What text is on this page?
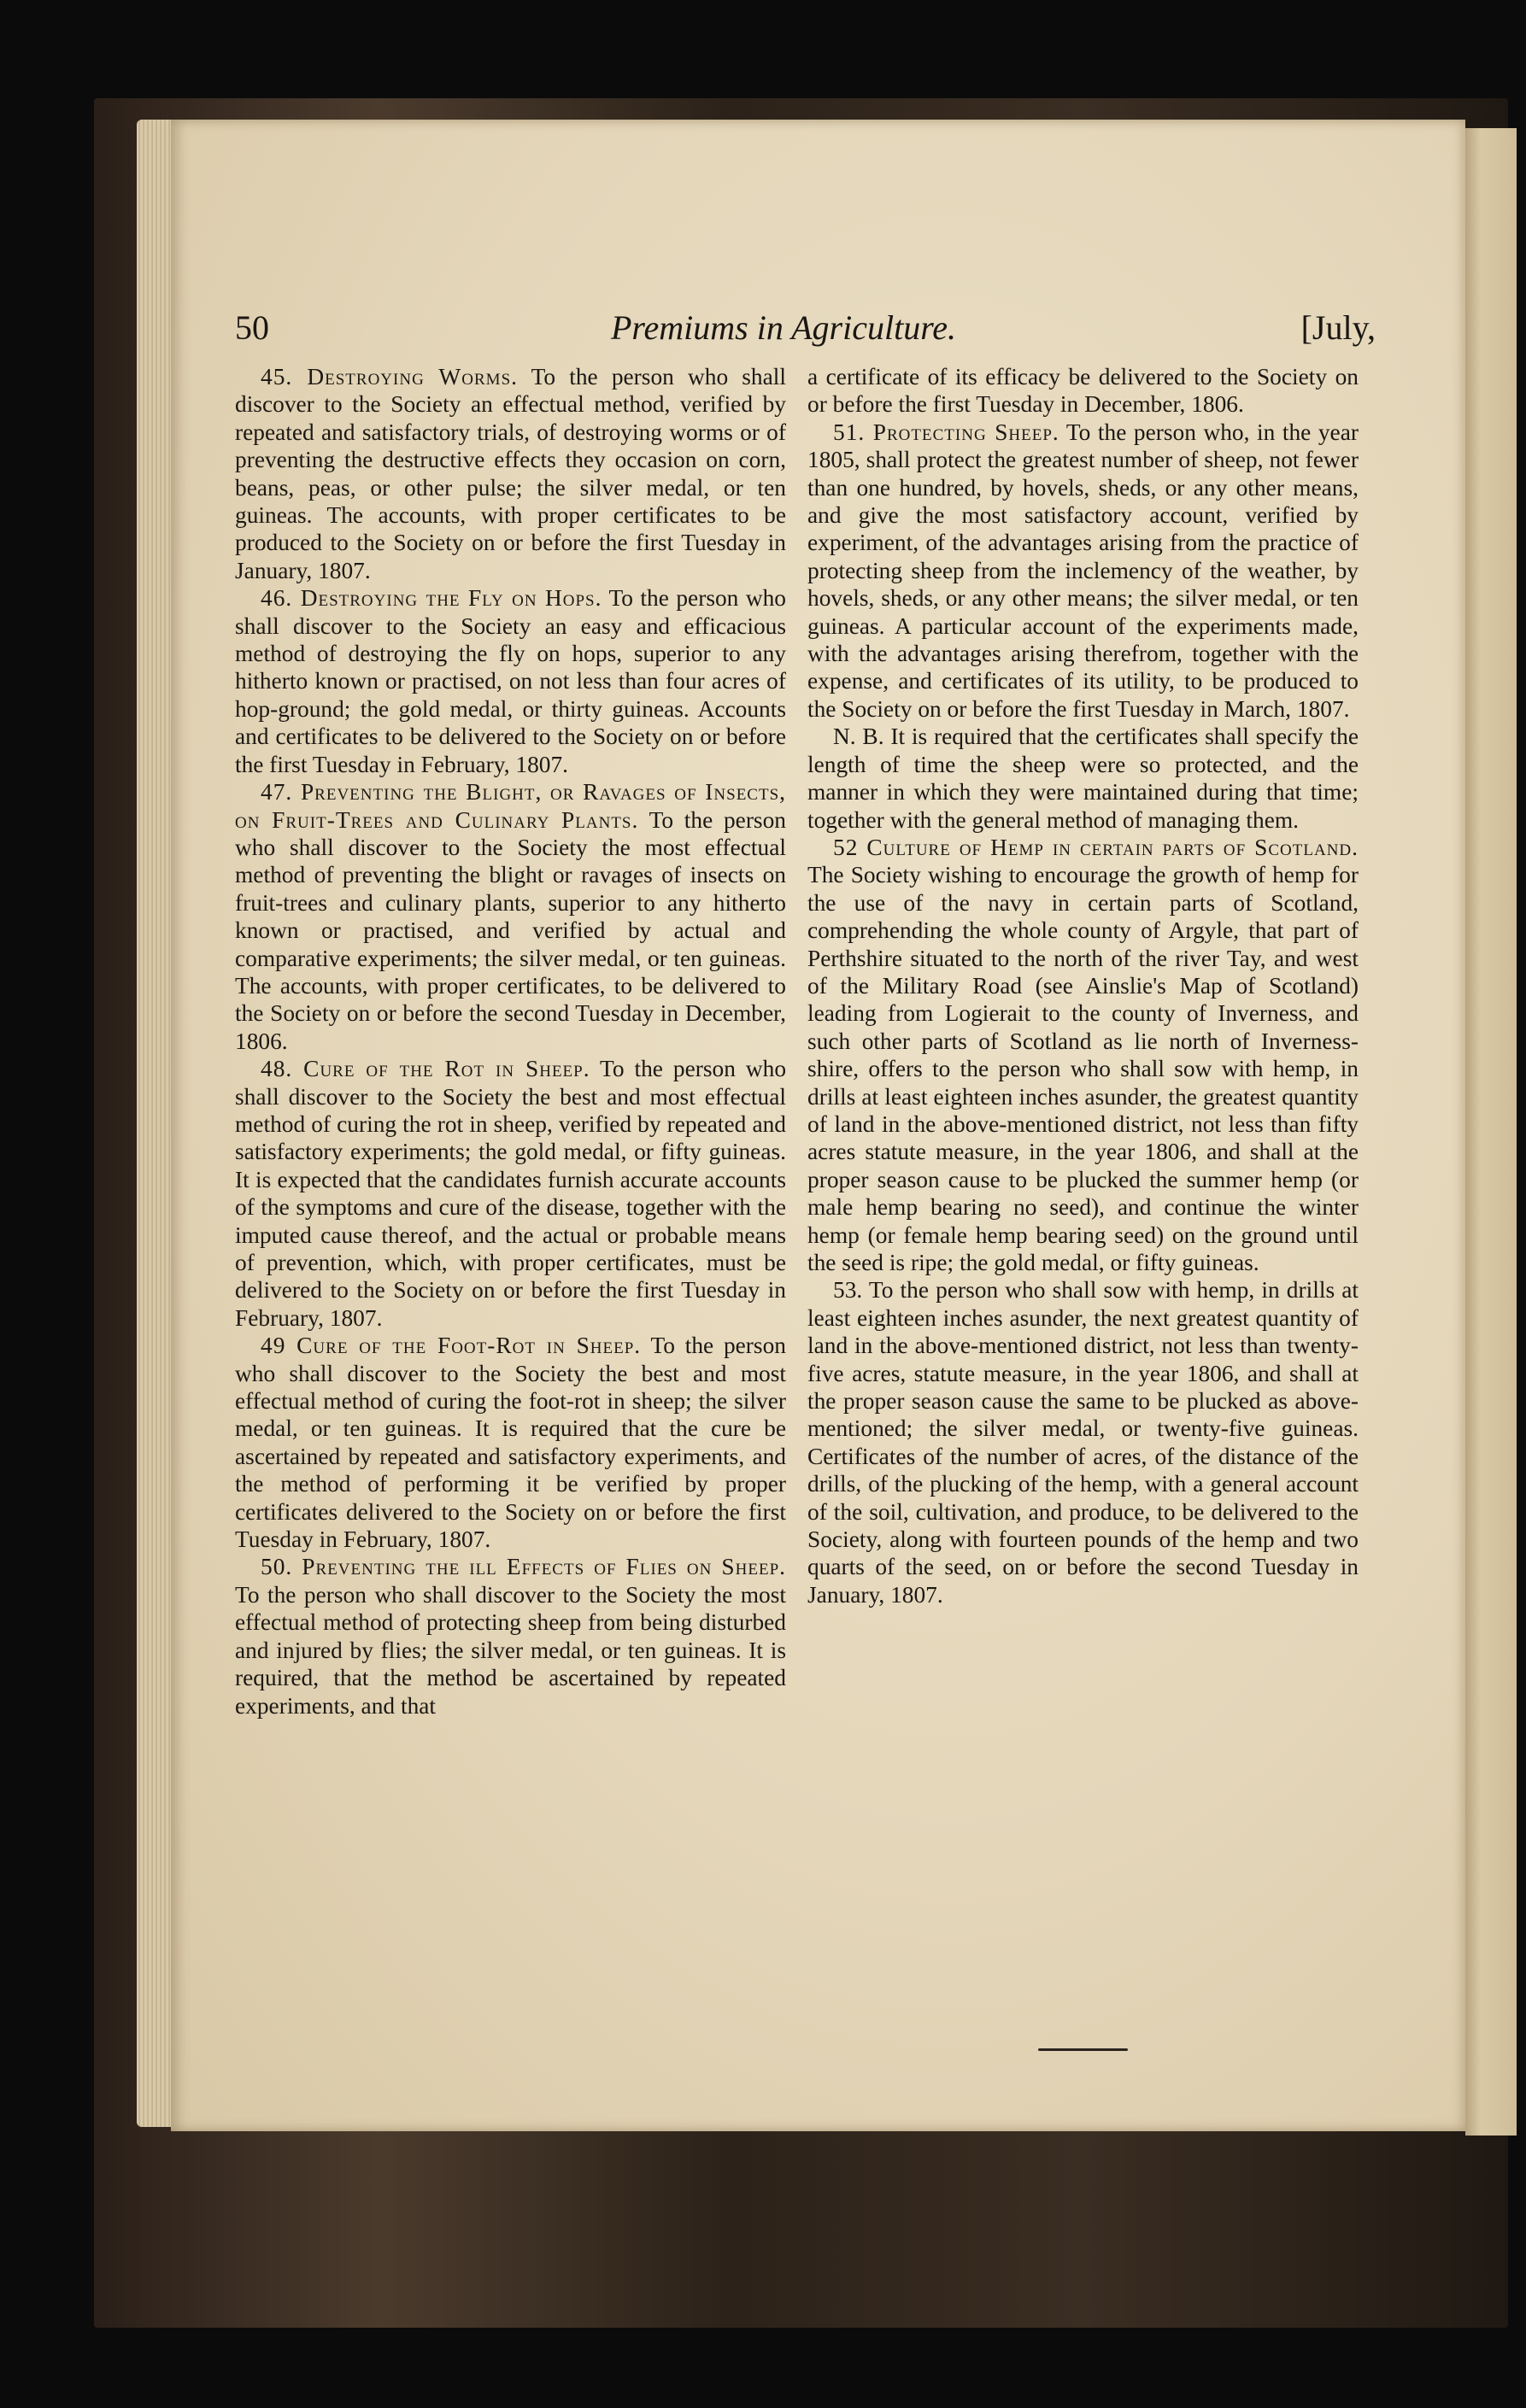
50	Premiums in Agriculture.	[July,

45. Destroying Worms. To the person who shall discover to the Society an effectual method, verified by repeated and satisfactory trials, of destroying worms or of preventing the destructive effects they occasion on corn, beans, peas, or other pulse; the silver medal, or ten guineas. The accounts, with proper certificates to be produced to the Society on or before the first Tuesday in January, 1807.

46. Destroying the Fly on Hops. To the person who shall discover to the Society an easy and efficacious method of destroying the fly on hops, superior to any hitherto known or practised, on not less than four acres of hop-ground; the gold medal, or thirty guineas. Accounts and certificates to be delivered to the Society on or before the first Tuesday in February, 1807.

47. Preventing the Blight, or Ravages of Insects, on Fruit-Trees and Culinary Plants. To the person who shall discover to the Society the most effectual method of preventing the blight or ravages of insects on fruit-trees and culinary plants, superior to any hitherto known or practised, and verified by actual and comparative experiments; the silver medal, or ten guineas. The accounts, with proper certificates, to be delivered to the Society on or before the second Tuesday in December, 1806.

48. Cure of the Rot in Sheep. To the person who shall discover to the Society the best and most effectual method of curing the rot in sheep, verified by repeated and satisfactory experiments; the gold medal, or fifty guineas. It is expected that the candidates furnish accurate accounts of the symptoms and cure of the disease, together with the imputed cause thereof, and the actual or probable means of prevention, which, with proper certificates, must be delivered to the Society on or before the first Tuesday in February, 1807.

49 Cure of the Foot-Rot in Sheep. To the person who shall discover to the Society the best and most effectual method of curing the foot-rot in sheep; the silver medal, or ten guineas. It is required that the cure be ascertained by repeated and satisfactory experiments, and the method of performing it be verified by proper certificates delivered to the Society on or before the first Tuesday in February, 1807.

50. Preventing the ill Effects of Flies on Sheep. To the person who shall discover to the Society the most effectual method of protecting sheep from being disturbed and injured by flies; the silver medal, or ten guineas. It is required, that the method be ascertained by repeated experiments, and that

a certificate of its efficacy be delivered to the Society on or before the first Tuesday in December, 1806.

51. Protecting Sheep. To the person who, in the year 1805, shall protect the greatest number of sheep, not fewer than one hundred, by hovels, sheds, or any other means, and give the most satisfactory account, verified by experiment, of the advantages arising from the practice of protecting sheep from the inclemency of the weather, by hovels, sheds, or any other means; the silver medal, or ten guineas. A particular account of the experiments made, with the advantages arising therefrom, together with the expense, and certificates of its utility, to be produced to the Society on or before the first Tuesday in March, 1807.

N. B. It is required that the certificates shall specify the length of time the sheep were so protected, and the manner in which they were maintained during that time; together with the general method of managing them.

52 Culture of Hemp in certain parts of Scotland. The Society wishing to encourage the growth of hemp for the use of the navy in certain parts of Scotland, comprehending the whole county of Argyle, that part of Perthshire situated to the north of the river Tay, and west of the Military Road (see Ainslie's Map of Scotland) leading from Logierait to the county of Inverness, and such other parts of Scotland as lie north of Inverness-shire, offers to the person who shall sow with hemp, in drills at least eighteen inches asunder, the greatest quantity of land in the above-mentioned district, not less than fifty acres statute measure, in the year 1806, and shall at the proper season cause to be plucked the summer hemp (or male hemp bearing no seed), and continue the winter hemp (or female hemp bearing seed) on the ground until the seed is ripe; the gold medal, or fifty guineas.

53. To the person who shall sow with hemp, in drills at least eighteen inches asunder, the next greatest quantity of land in the above-mentioned district, not less than twenty-five acres, statute measure, in the year 1806, and shall at the proper season cause the same to be plucked as above-mentioned; the silver medal, or twenty-five guineas. Certificates of the number of acres, of the distance of the drills, of the plucking of the hemp, with a general account of the soil, cultivation, and produce, to be delivered to the Society, along with fourteen pounds of the hemp and two quarts of the seed, on or before the second Tuesday in January, 1807.
